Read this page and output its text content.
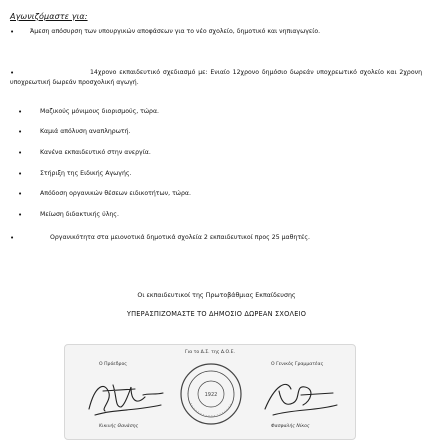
Αγωνιζόμαστε για:
•	Άμεση απόσυρση των υπουργικών αποφάσεων για το νέο σχολείο, δημοτικό και νηπιαγωγείο.
•	14χρονο εκπαιδευτικό σχεδιασμό με: Ενιαίο 12χρονο δημόσιο δωρεάν υποχρεωτικό σχολείο και 2χρονη υποχρεωτική δωρεάν προσχολική αγωγή.
•	Μαζικούς μόνιμους διορισμούς, τώρα.
•	Καμιά απόλυση αναπληρωτή.
•	Κανένα εκπαιδευτικό στην ανεργία.
•	Στήριξη της Ειδικής Αγωγής.
•	Απόδοση οργανικών θέσεων ειδικοτήτων, τώρα.
•	Μείωση διδακτικής ύλης.
•	Οργανικότητα στα μειονοτικά δημοτικά σχολεία 2 εκπαιδευτικοί προς 25 μαθητές.
Οι εκπαιδευτικοί της Πρωτοβάθμιας Εκπαίδευσης
ΥΠΕΡΑΣΠΙΖΟΜΑΣΤΕ ΤΟ ΔΗΜΟΣΙΟ ΔΩΡΕΑΝ ΣΧΟΛΕΙΟ
Για το Δ.Σ. της Δ.Ο.Ε.
Ο Πρόεδρος	Ο Γενικός Γραμματέας
Κικινής Θανάσης	Φασφαλής Νίκος
1922
